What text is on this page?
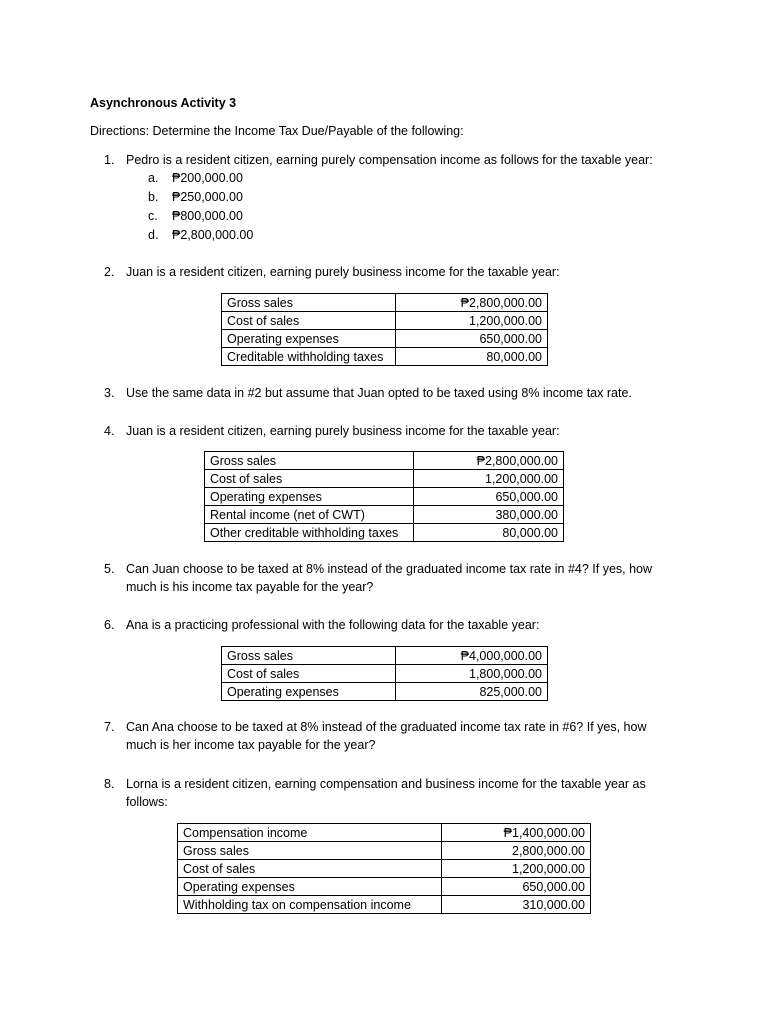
Asynchronous Activity 3
Directions: Determine the Income Tax Due/Payable of the following:
1. Pedro is a resident citizen, earning purely compensation income as follows for the taxable year:
a. ₱200,000.00
b. ₱250,000.00
c. ₱800,000.00
d. ₱2,800,000.00
2. Juan is a resident citizen, earning purely business income for the taxable year:
Gross sales	₱2,800,000.00
Cost of sales	1,200,000.00
Operating expenses	650,000.00
Creditable withholding taxes	80,000.00
3. Use the same data in #2 but assume that Juan opted to be taxed using 8% income tax rate.
4. Juan is a resident citizen, earning purely business income for the taxable year:
Gross sales	₱2,800,000.00
Cost of sales	1,200,000.00
Operating expenses	650,000.00
Rental income (net of CWT)	380,000.00
Other creditable withholding taxes	80,000.00
5. Can Juan choose to be taxed at 8% instead of the graduated income tax rate in #4? If yes, how much is his income tax payable for the year?
6. Ana is a practicing professional with the following data for the taxable year:
Gross sales	₱4,000,000.00
Cost of sales	1,800,000.00
Operating expenses	825,000.00
7. Can Ana choose to be taxed at 8% instead of the graduated income tax rate in #6? If yes, how much is her income tax payable for the year?
8. Lorna is a resident citizen, earning compensation and business income for the taxable year as follows:
Compensation income	₱1,400,000.00
Gross sales	2,800,000.00
Cost of sales	1,200,000.00
Operating expenses	650,000.00
Withholding tax on compensation income	310,000.00
